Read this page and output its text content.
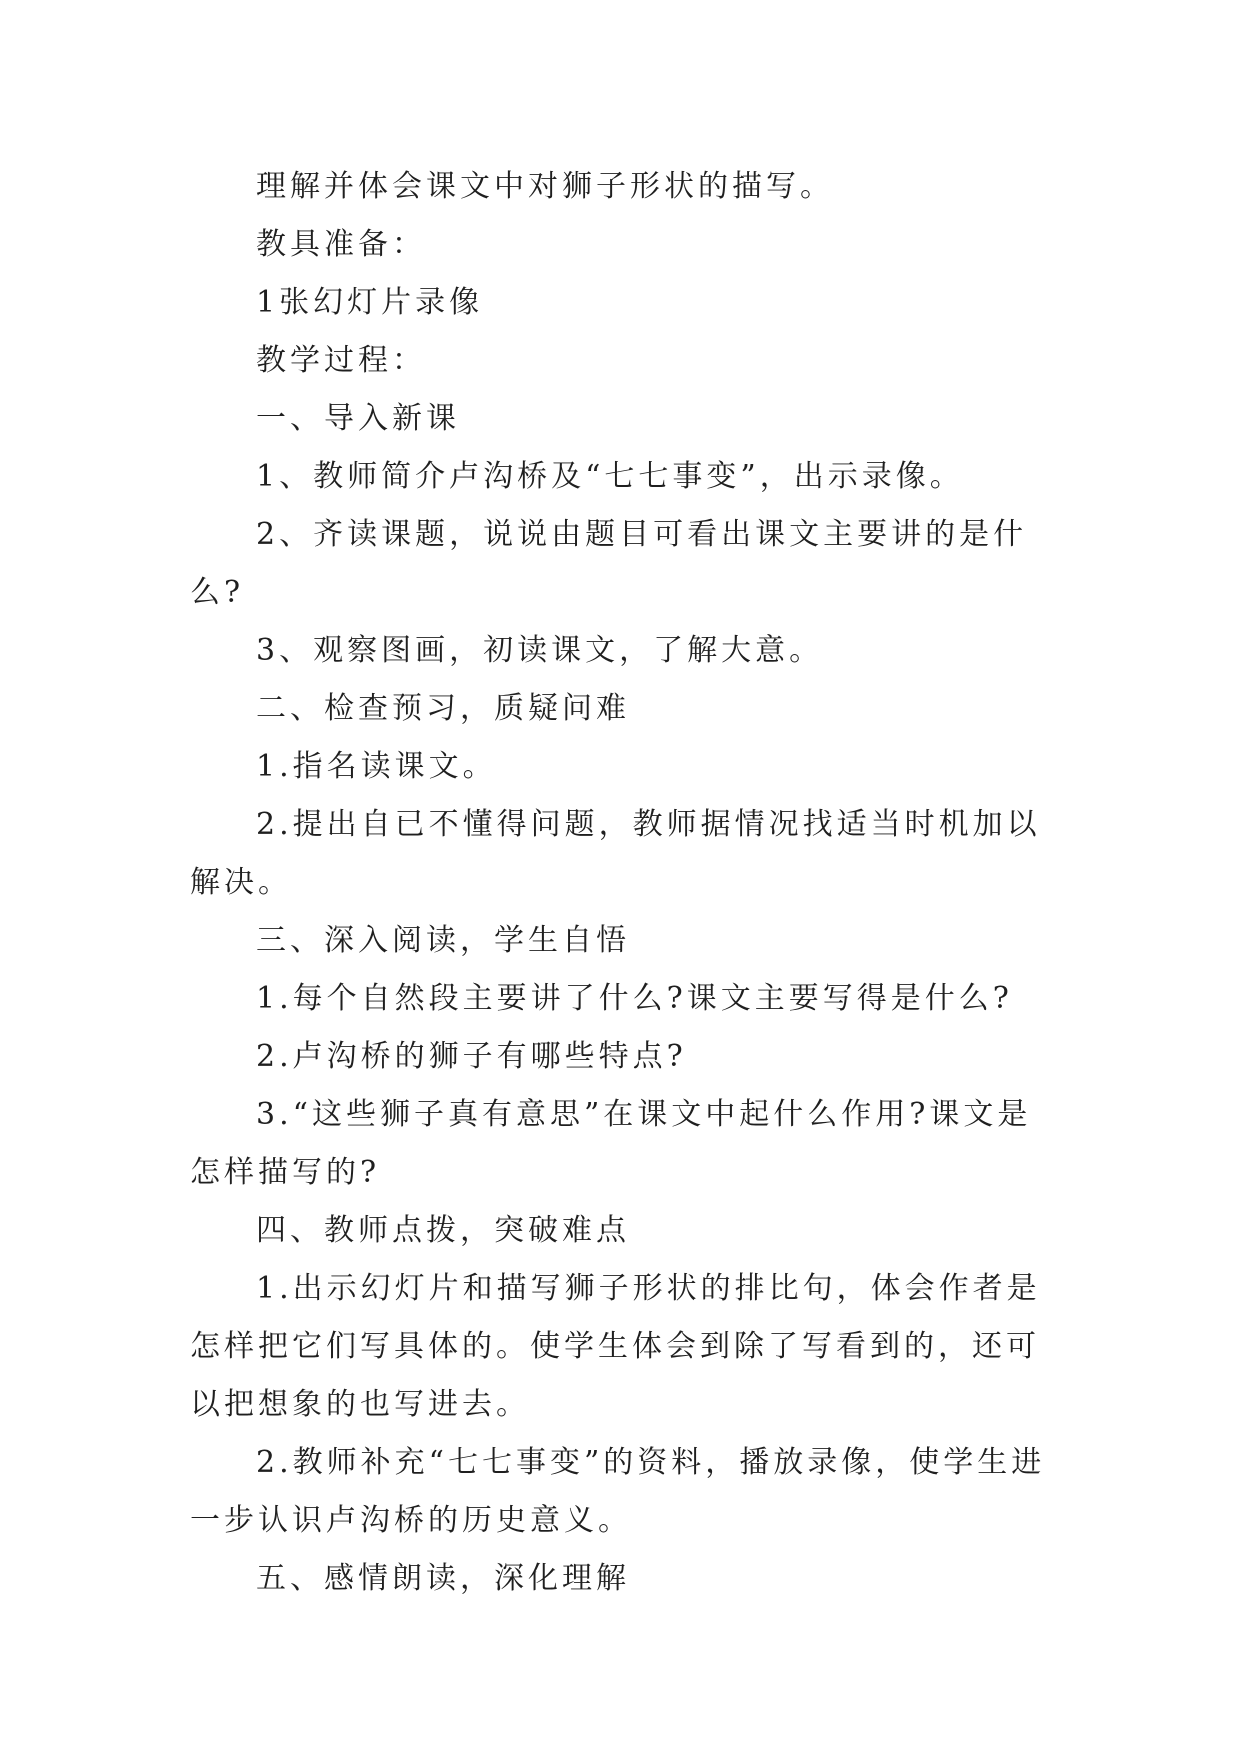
理解并体会课文中对狮子形状的描写。

教具准备：

1张幻灯片录像

教学过程：

一、导入新课

1、教师简介卢沟桥及“七七事变”，出示录像。

2、齐读课题，说说由题目可看出课文主要讲的是什么?

3、观察图画，初读课文，了解大意。

二、检查预习，质疑问难

1.指名读课文。

2.提出自已不懂得问题，教师据情况找适当时机加以解决。

三、深入阅读，学生自悟

1.每个自然段主要讲了什么?课文主要写得是什么?

2.卢沟桥的狮子有哪些特点?

3.“这些狮子真有意思”在课文中起什么作用?课文是怎样描写的?

四、教师点拨，突破难点

1.出示幻灯片和描写狮子形状的排比句，体会作者是怎样把它们写具体的。使学生体会到除了写看到的，还可以把想象的也写进去。

2.教师补充“七七事变”的资料，播放录像，使学生进一步认识卢沟桥的历史意义。

五、感情朗读，深化理解
